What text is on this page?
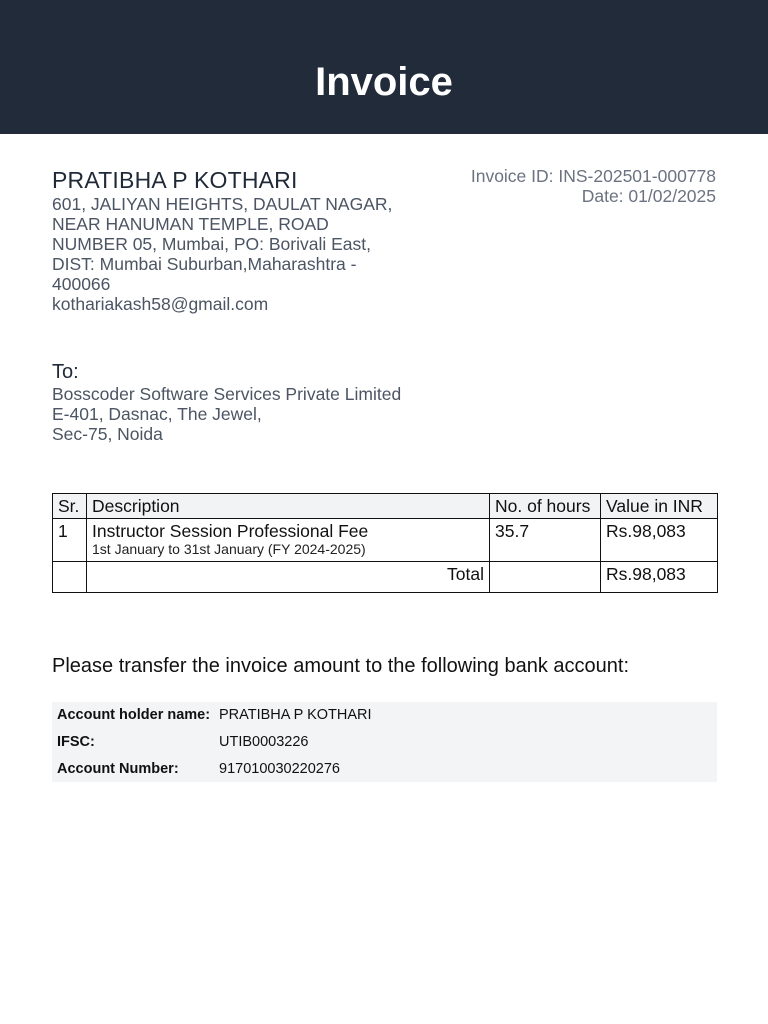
Invoice
PRATIBHA P KOTHARI
601, JALIYAN HEIGHTS, DAULAT NAGAR,
NEAR HANUMAN TEMPLE, ROAD
NUMBER 05, Mumbai, PO: Borivali East,
DIST: Mumbai Suburban,Maharashtra -
400066
kothariakash58@gmail.com
Invoice ID: INS-202501-000778
Date: 01/02/2025
To:
Bosscoder Software Services Private Limited
E-401, Dasnac, The Jewel,
Sec-75, Noida
Sr.	Description	No. of hours	Value in INR
1	Instructor Session Professional Fee
1st January to 31st January (FY 2024-2025)	35.7	Rs.98,083
	Total		Rs.98,083
Please transfer the invoice amount to the following bank account:
Account holder name: PRATIBHA P KOTHARI
IFSC:	UTIB0003226
Account Number:	917010030220276
